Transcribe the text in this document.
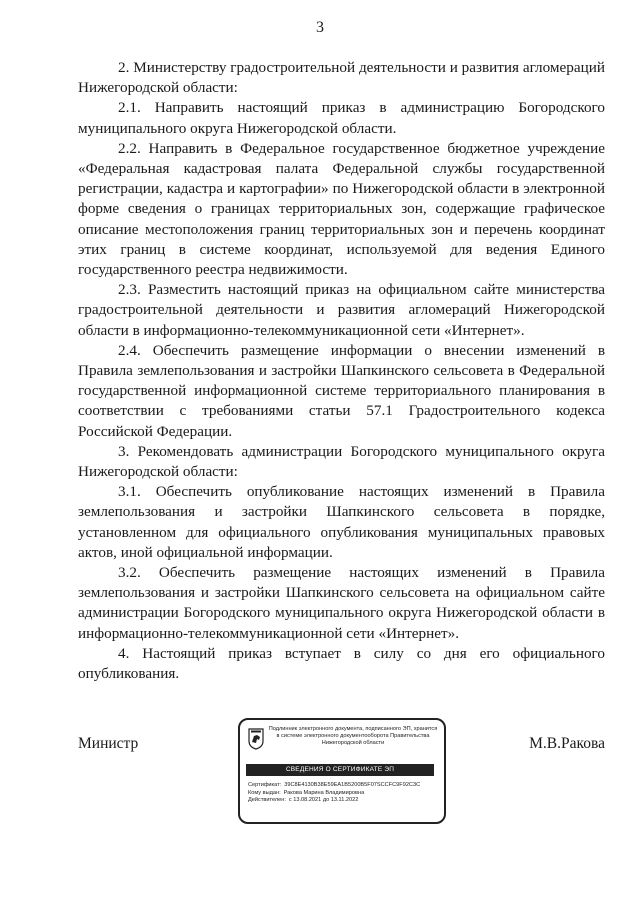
3

2. Министерству градостроительной деятельности и развития агломераций Нижегородской области:

2.1. Направить настоящий приказ в администрацию Богородского муниципального округа Нижегородской области.

2.2. Направить в Федеральное государственное бюджетное учреждение «Федеральная кадастровая палата Федеральной службы государственной регистрации, кадастра и картографии» по Нижегородской области в электронной форме сведения о границах территориальных зон, содержащие графическое описание местоположения границ территориальных зон и перечень координат этих границ в системе координат, используемой для ведения Единого государственного реестра недвижимости.

2.3. Разместить настоящий приказ на официальном сайте министерства градостроительной деятельности и развития агломераций Нижегородской области в информационно-телекоммуникационной сети «Интернет».

2.4. Обеспечить размещение информации о внесении изменений в Правила землепользования и застройки Шапкинского сельсовета в Федеральной государственной информационной системе территориального планирования в соответствии с требованиями статьи 57.1 Градостроительного кодекса Российской Федерации.

3. Рекомендовать администрации Богородского муниципального округа Нижегородской области:

3.1. Обеспечить опубликование настоящих изменений в Правила землепользования и застройки Шапкинского сельсовета в порядке, установленном для официального опубликования муниципальных правовых актов, иной официальной информации.

3.2. Обеспечить размещение настоящих изменений в Правила землепользования и застройки Шапкинского сельсовета на официальном сайте администрации Богородского муниципального округа Нижегородской области в информационно-телекоммуникационной сети «Интернет».

4. Настоящий приказ вступает в силу со дня его официального опубликования.

Министр	М.В.Ракова
Подлинник электронного документа, подписанного ЭП, хранится в системе электронного документооборота Правительства Нижегородской области
СВЕДЕНИЯ О СЕРТИФИКАТЕ ЭП
Сертификат: 39C8E4130B38E59EA1B5200B5F07SCCFC9F92C3C
Кому выдан: Ракова Марина Владимировна
Действителен: с 13.08.2021 до 13.11.2022
